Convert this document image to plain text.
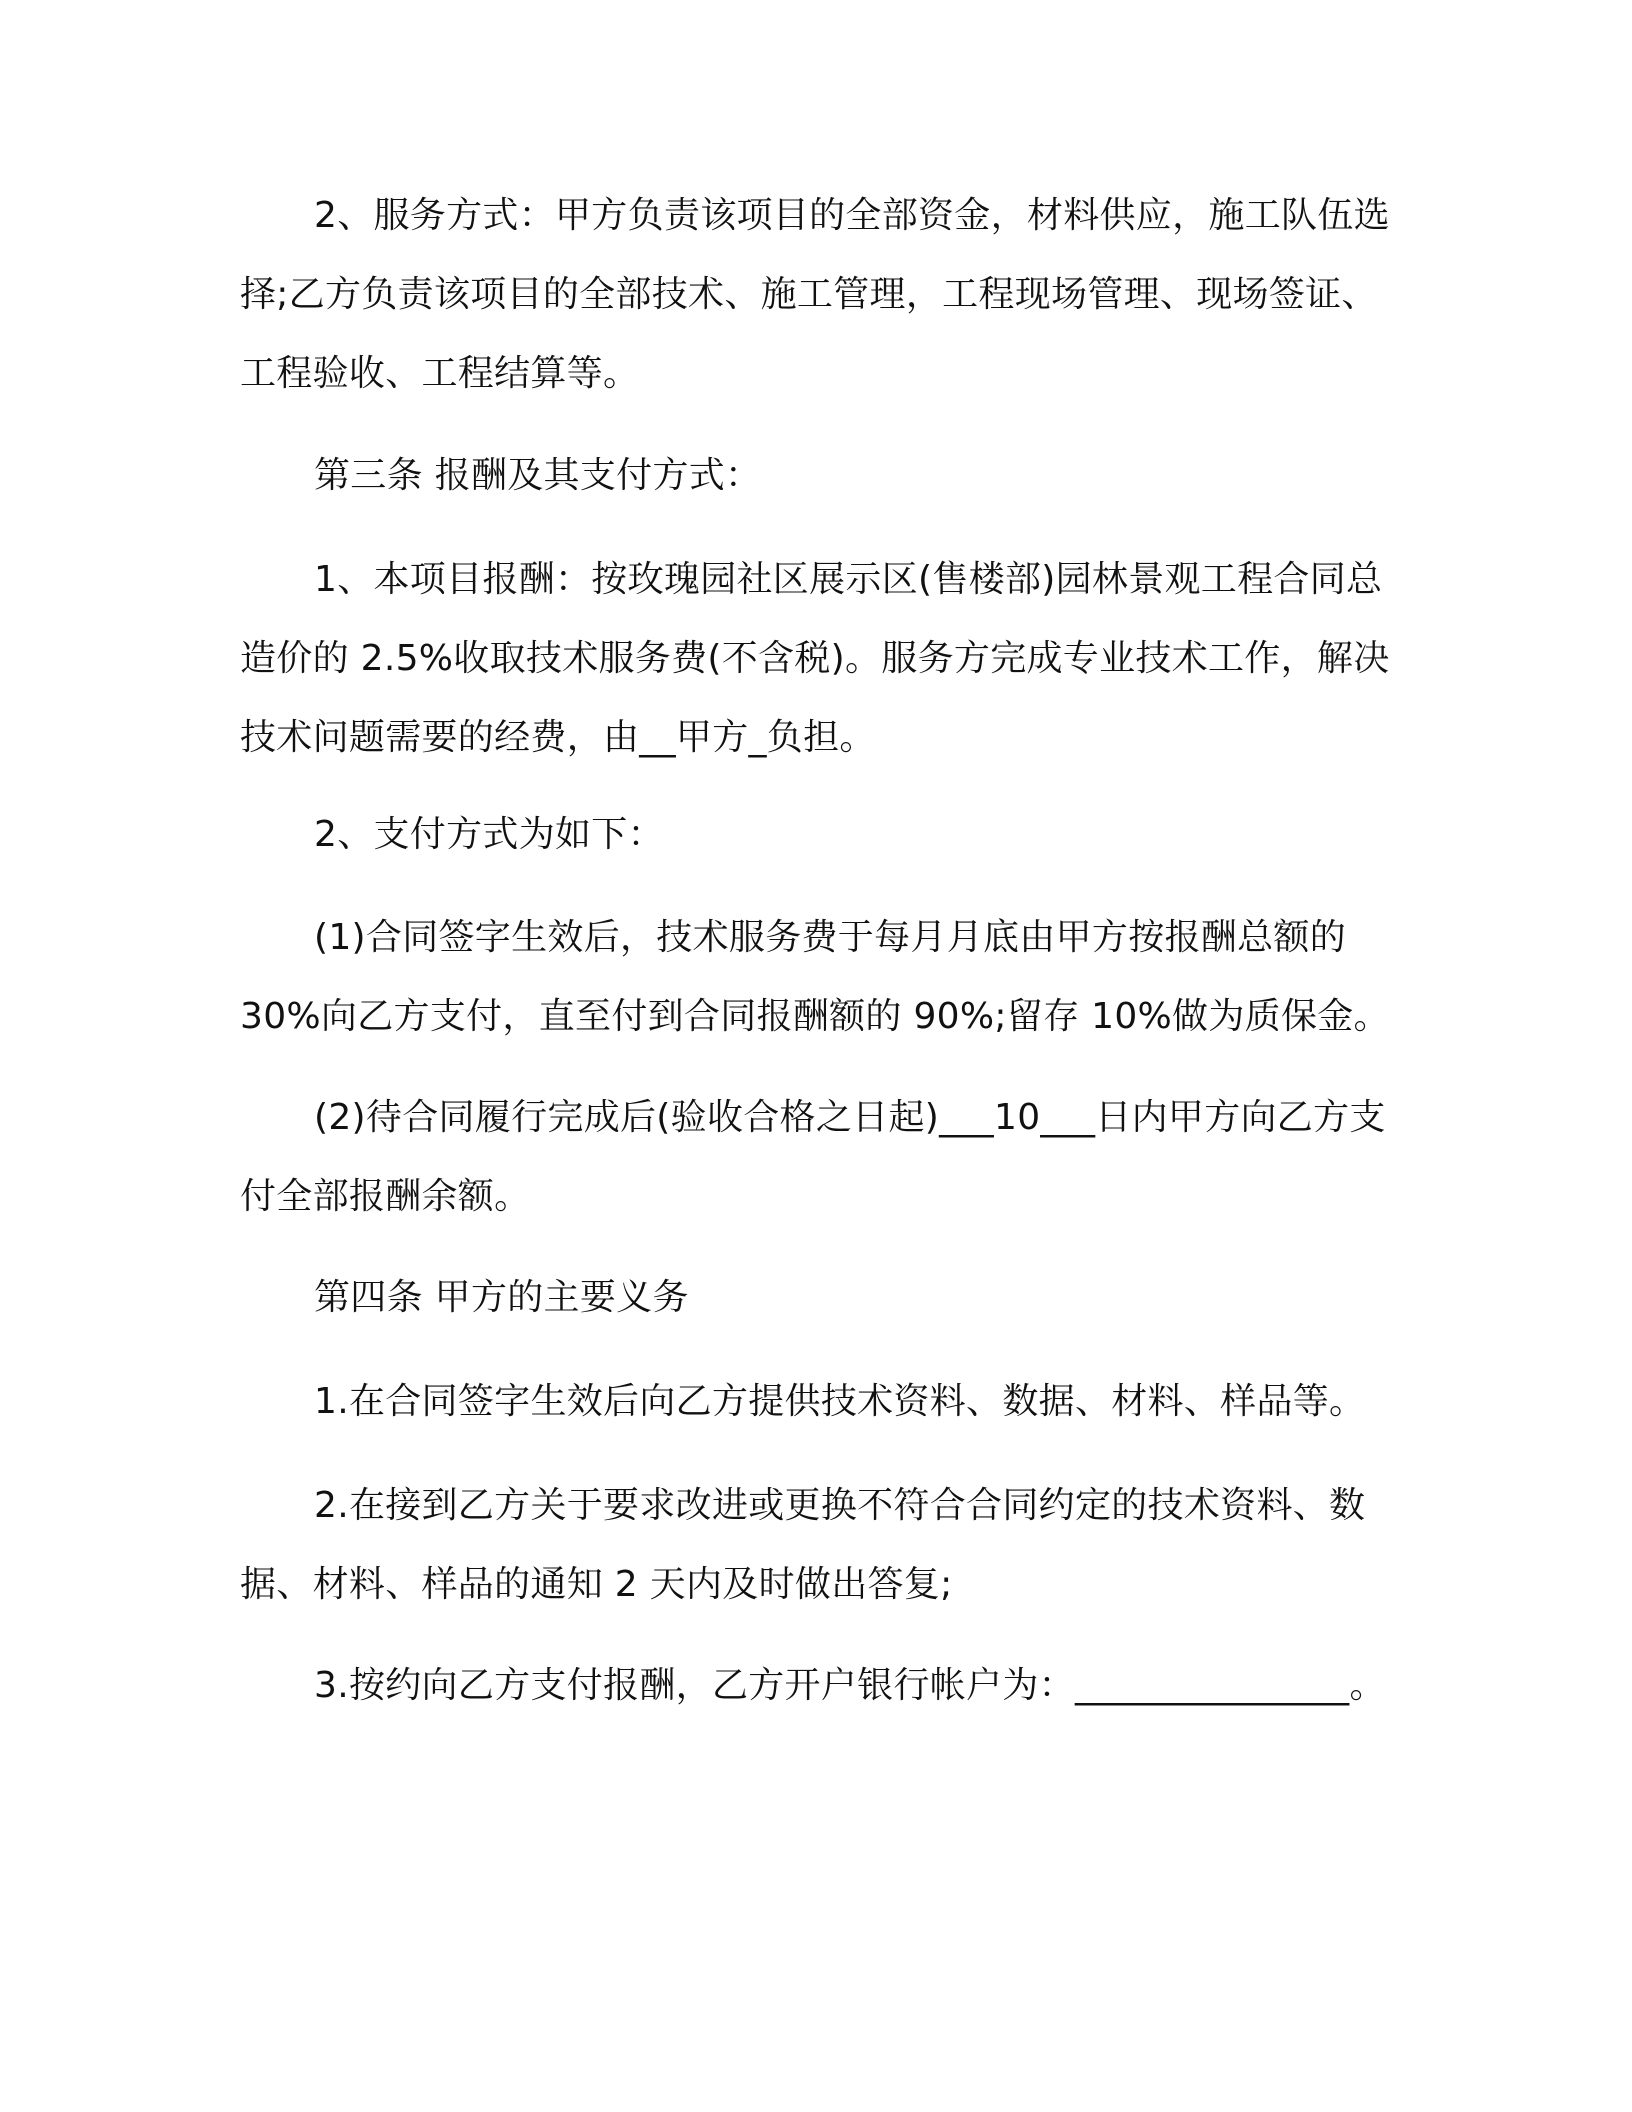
2、服务方式：甲方负责该项目的全部资金，材料供应，施工队伍选择;乙方负责该项目的全部技术、施工管理，工程现场管理、现场签证、工程验收、工程结算等。

第三条 报酬及其支付方式：

1、本项目报酬：按玫瑰园社区展示区(售楼部)园林景观工程合同总造价的 2.5%收取技术服务费(不含税)。服务方完成专业技术工作，解决技术问题需要的经费，由__甲方_负担。

2、支付方式为如下：

(1)合同签字生效后，技术服务费于每月月底由甲方按报酬总额的30%向乙方支付，直至付到合同报酬额的 90%;留存 10%做为质保金。

(2)待合同履行完成后(验收合格之日起)___10___日内甲方向乙方支付全部报酬余额。

第四条 甲方的主要义务

1.在合同签字生效后向乙方提供技术资料、数据、材料、样品等。

2.在接到乙方关于要求改进或更换不符合合同约定的技术资料、数据、材料、样品的通知 2 天内及时做出答复;

3.按约向乙方支付报酬，乙方开户银行帐户为：_______________。
